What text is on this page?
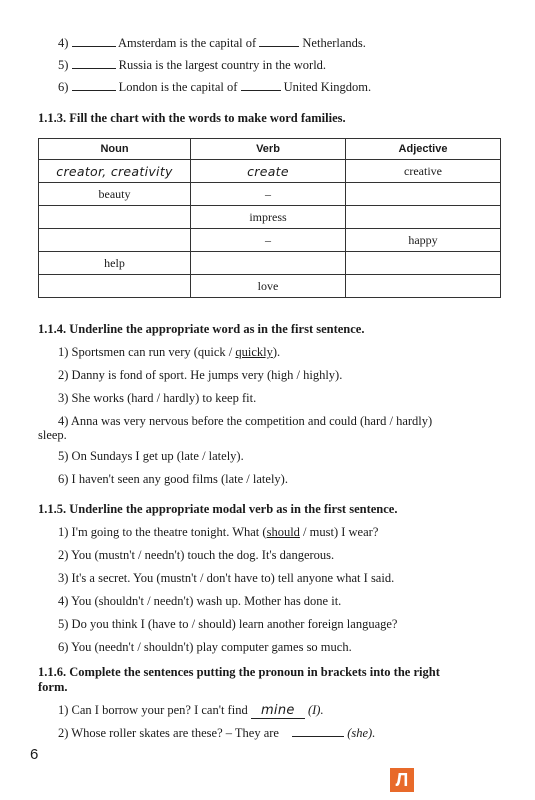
4)	Amsterdam is the capital of	Netherlands.
5)	Russia is the largest country in the world.
6)	London is the capital of	United Kingdom.
1.1.3. Fill the chart with the words to make word families.
Noun	Verb	Adjective
creator, creativity	create	creative
beauty	–	
	impress	
	–	happy
help		
	love	
1.1.4. Underline the appropriate word as in the first sentence.
1) Sportsmen can run very (quick / quickly).
2) Danny is fond of sport. He jumps very (high / highly).
3) She works (hard / hardly) to keep fit.
4) Anna was very nervous before the competition and could (hard / hardly)
sleep.
5) On Sundays I get up (late / lately).
6) I haven't seen any good films (late / lately).
1.1.5. Underline the appropriate modal verb as in the first sentence.
1) I'm going to the theatre tonight. What (should / must) I wear?
2) You (mustn't / needn't) touch the dog. It's dangerous.
3) It's a secret. You (mustn't / don't have to) tell anyone what I said.
4) You (shouldn't / needn't) wash up. Mother has done it.
5) Do you think I (have to / should) learn another foreign language?
6) You (needn't / shouldn't) play computer games so much.
1.1.6. Complete the sentences putting the pronoun in brackets into the right
form.
1) Can I borrow your pen? I can't find mine (I).
2) Whose roller skates are these? – They are	(she).
6
Л
